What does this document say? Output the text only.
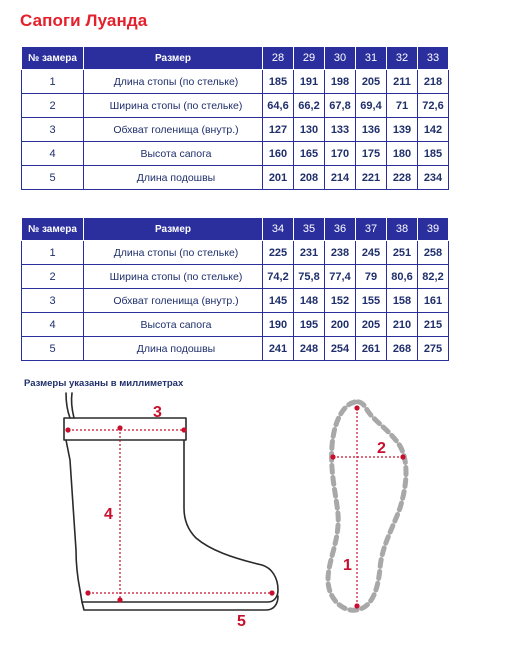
Сапоги Луанда
№ замера	Размер	28	29	30	31	32	33
1	Длина стопы (по стельке)	185	191	198	205	211	218
2	Ширина стопы (по стельке)	64,6	66,2	67,8	69,4	71	72,6
3	Обхват голенища (внутр.)	127	130	133	136	139	142
4	Высота сапога	160	165	170	175	180	185
5	Длина подошвы	201	208	214	221	228	234
№ замера	Размер	34	35	36	37	38	39
1	Длина стопы (по стельке)	225	231	238	245	251	258
2	Ширина стопы (по стельке)	74,2	75,8	77,4	79	80,6	82,2
3	Обхват голенища (внутр.)	145	148	152	155	158	161
4	Высота сапога	190	195	200	205	210	215
5	Длина подошвы	241	248	254	261	268	275
Размеры указаны в миллиметрах
3
4
5
2
1
